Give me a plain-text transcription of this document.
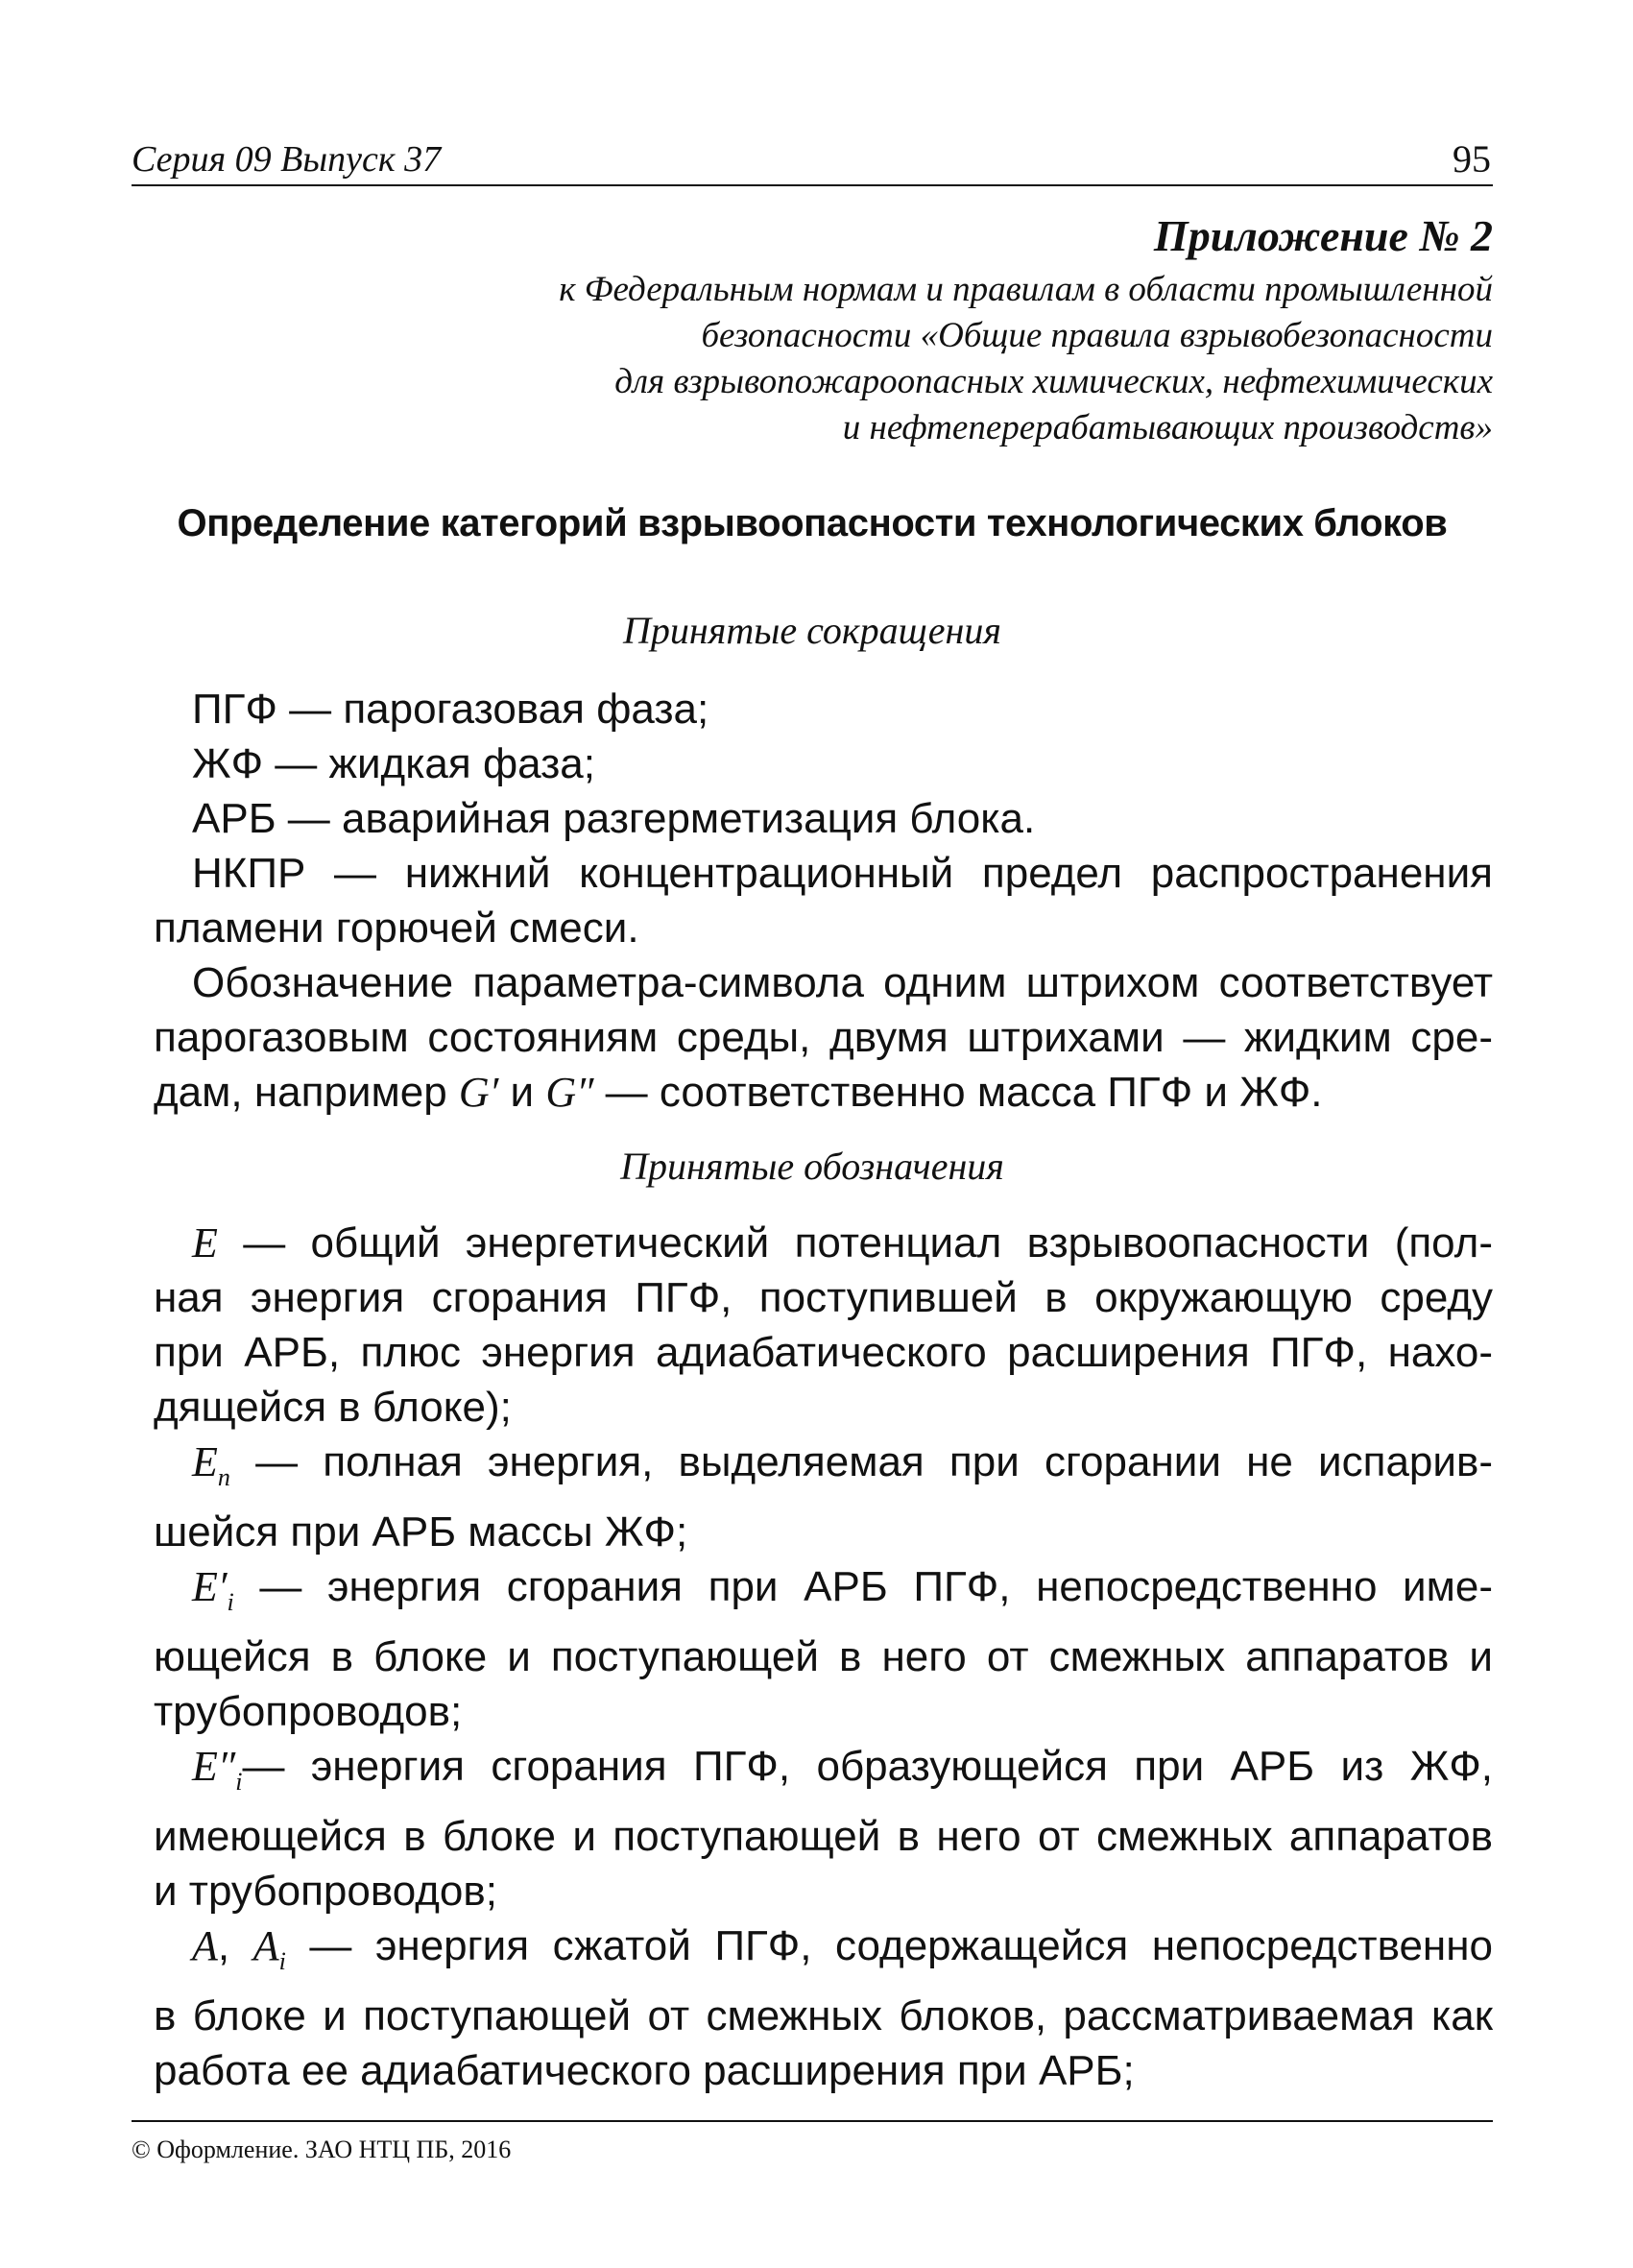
Серия 09 Выпуск 37	95
Приложение № 2
к Федеральным нормам и правилам в области промышленной
безопасности «Общие правила взрывобезопасности
для взрывопожароопасных химических, нефтехимических
и нефтеперерабатывающих производств»
Определение категорий взрывоопасности технологических блоков
Принятые сокращения
ПГФ — парогазовая фаза;
ЖФ — жидкая фаза;
АРБ — аварийная разгерметизация блока.
НКПР — нижний концентрационный предел распространения
пламени горючей смеси.
Обозначение параметра-символа одним штрихом соответствует
парогазовым состояниям среды, двумя штрихами — жидким сре-
дам, например G′ и G″ — соответственно масса ПГФ и ЖФ.
Принятые обозначения
E — общий энергетический потенциал взрывоопасности (пол-
ная энергия сгорания ПГФ, поступившей в окружающую среду
при АРБ, плюс энергия адиабатического расширения ПГФ, нахо-
дящейся в блоке);
$E_п$ — полная энергия, выделяемая при сгорании не испарив-
шейся при АРБ массы ЖФ;
$E'_i$ — энергия сгорания при АРБ ПГФ, непосредственно име-
ющейся в блоке и поступающей в него от смежных аппаратов и
трубопроводов;
$E''_i—$ энергия сгорания ПГФ, образующейся при АРБ из ЖФ,
имеющейся в блоке и поступающей в него от смежных аппаратов
и трубопроводов;
A, $A_i$ — энергия сжатой ПГФ, содержащейся непосредственно
в блоке и поступающей от смежных блоков, рассматриваемая как
работа ее адиабатического расширения при АРБ;
© Оформление. ЗАО НТЦ ПБ, 2016
